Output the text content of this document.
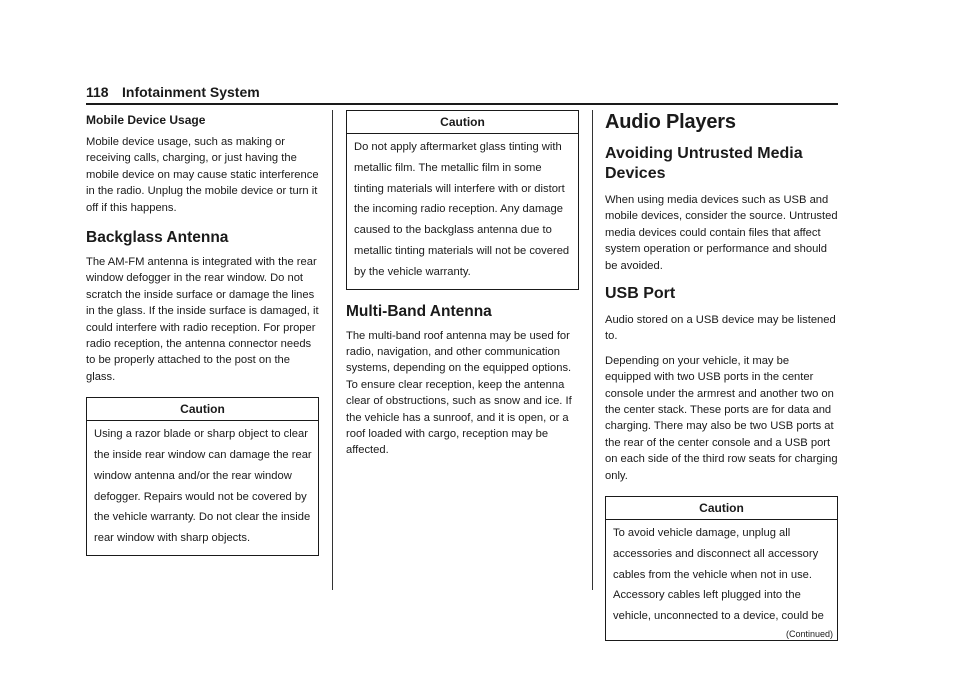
118 Infotainment System
Mobile Device Usage

Mobile device usage, such as making or receiving calls, charging, or just having the mobile device on may cause static interference in the radio. Unplug the mobile device or turn it off if this happens.

Backglass Antenna

The AM-FM antenna is integrated with the rear window defogger in the rear window. Do not scratch the inside surface or damage the lines in the glass. If the inside surface is damaged, it could interfere with radio reception. For proper radio reception, the antenna connector needs to be properly attached to the post on the glass.

Caution

Using a razor blade or sharp object to clear the inside rear window can damage the rear window antenna and/or the rear window defogger. Repairs would not be covered by the vehicle warranty. Do not clear the inside rear window with sharp objects.

Caution

Do not apply aftermarket glass tinting with metallic film. The metallic film in some tinting materials will interfere with or distort the incoming radio reception. Any damage caused to the backglass antenna due to metallic tinting materials will not be covered by the vehicle warranty.

Multi-Band Antenna

The multi-band roof antenna may be used for radio, navigation, and other communication systems, depending on the equipped options. To ensure clear reception, keep the antenna clear of obstructions, such as snow and ice. If the vehicle has a sunroof, and it is open, or a roof loaded with cargo, reception may be affected.

Audio Players
Avoiding Untrusted Media Devices

When using media devices such as USB and mobile devices, consider the source. Untrusted media devices could contain files that affect system operation or performance and should be avoided.

USB Port

Audio stored on a USB device may be listened to.

Depending on your vehicle, it may be equipped with two USB ports in the center console under the armrest and another two on the center stack. These ports are for data and charging. There may also be two USB ports at the rear of the center console and a USB port on each side of the third row seats for charging only.

Caution

To avoid vehicle damage, unplug all accessories and disconnect all accessory cables from the vehicle when not in use. Accessory cables left plugged into the vehicle, unconnected to a device, could be

(Continued)
